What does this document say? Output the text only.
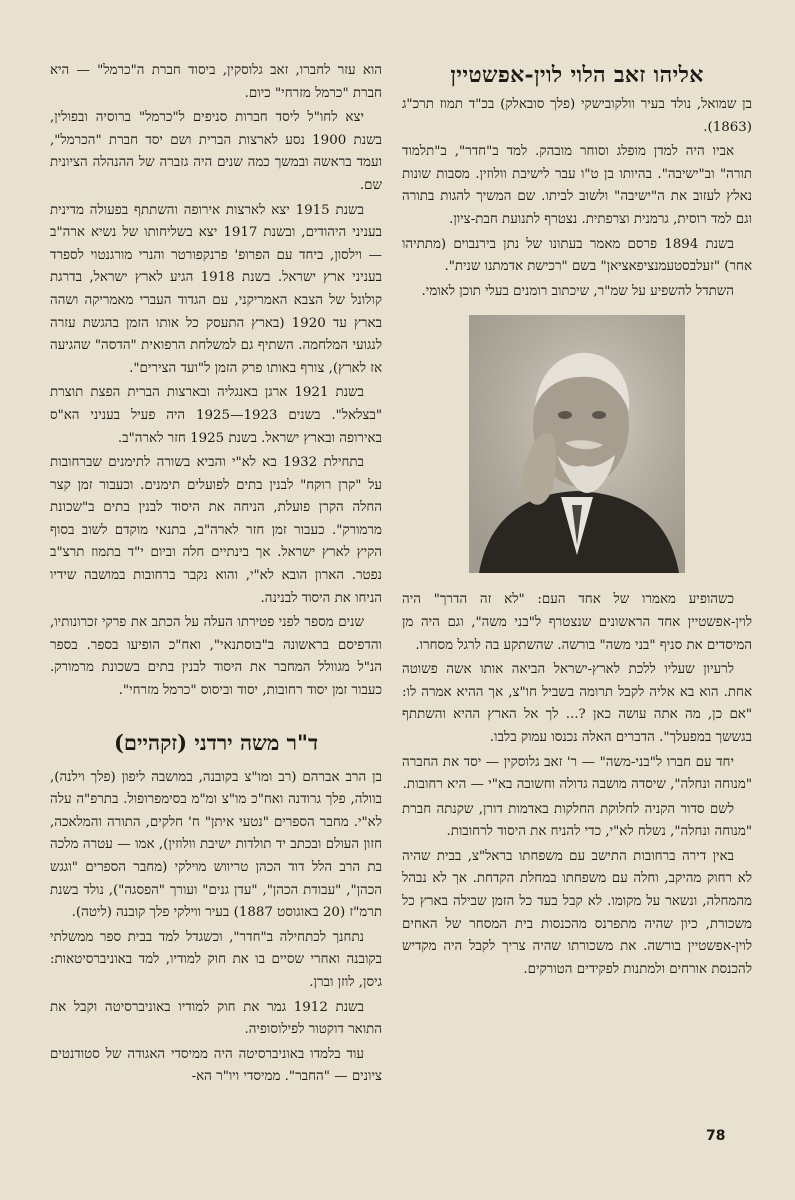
אליהו זאב הלוי לוין-אפשטיין

בן שמואל, נולד בעיר וולקובישקי (פלך סובאלק) בכ"ד תמוז תרכ"ג (1863).

אביו היה למדן מופלג וסוחר מובהק. למד ב"חדר", ב"תלמוד תורה" וב"ישיבה". בהיותו בן ט"ו עבר לישיבת וולוזין. מסבות שונות נאלץ לעזוב את ה"ישיבה" ולשוב לביתו. שם המשיך להגות בתורה וגם למד רוסית, גרמנית וצרפתית. נצטרף לתנועת חבת-ציון.

בשנת 1894 פרסם מאמר בעתונו של נתן בירנבוים (מתתיהו אחר) "זעלבסטעמנציפאציאן" בשם "רכישת אדמתנו שנית".

השתדל להשפיע על שמ"ר, שיכתוב רומנים בעלי תוכן לאומי.

כשהופיע מאמרו של אחד העם: "לא זה הדרך" היה לוין-אפשטיין אחד הראשונים שנצטרף ל"בני משה", וגם היה מן המיסדים את סניף "בני משה" בורשה. שהשתקע בה לרגל מסחרו.

לרעיון שעליו ללכת לארץ-ישראל הביאה אותו אשה פשוטה אחת. הוא בא אליה לקבל תרומה בשביל חו"צ, אך ההיא אמרה לו: "אם כן, מה אתה עושה כאן ?... לך אל הארץ ההיא והשתתף בגששך במפעלך". הדברים האלה נכנסו עמוק בלבו.

יחד עם חברו ל"בני-משה" — ר' זאב גלוסקין — יסד את החברה "מנוחה ונחלה", שיסדה מושבה גדולה וחשובה בא"י — היא רחובות.

לשם סדור הקניה לחלוקת החלקות באדמות דורן, שקנתה חברת "מנוחה ונחלה", נשלח לא"י, כדי להניח את היסוד לרחובות.

באין דירה ברחובות התישב עם משפחתו בראל"צ, בבית שהיה לא רחוק מהיקב, וחלה עם משפחתו במחלת הקדחת. אך לא נבהל מהמחלה, ונשאר על מקומו. לא קבל בעד כל הזמן שבילה בארץ כל משכורת, כיון שהיה מתפרנס מהכנסות בית המסחר של האחים לוין-אפשטיין בורשה. את משכורתו שהיה צריך לקבל היה מקדיש להכנסת אורחים ולמתנות לפקידים הטורקים.

הוא עזר לחברו, זאב גלוסקין, ביסוד חברת ה"כרמל" — היא חברת "כרמל מזרחי" כיום.

יצא לחו"ל ליסד חברות סניפים ל"כרמל" ברוסיה ובפולין, בשנת 1900 נסע לארצות הברית ושם יסד חברת "הכרמל", ועמד בראשה ובמשך כמה שנים היה גזברה של ההנהלה הציונית שם.

בשנת 1915 יצא לארצות אירופה והשתתף בפעולה מדינית בעניני היהודים, ובשנת 1917 יצא בשליחותו של נשיא ארה"ב — וילסון, ביחד עם הפרופ' פרנקפורטר והנרי מורגנטוי לספרד בעניני ארץ ישראל. בשנת 1918 הגיע לארץ ישראל, בדרגת קולונל של הצבא האמריקני, עם הגדוד העברי מאמריקה ושהה בארץ עד 1920 (בארץ התעסק כל אותו הזמן בהגשת עזרה לנגועי המלחמה. השתיף גם למשלחת הרפואית "הדסה" שהגיעה אז לארץ), צורף באותו פרק הזמן ל"ועד הצירים".

בשנת 1921 ארגן באנגליה ובארצות הברית הפצת תוצרת "בצלאל". בשנים 1923—1925 היה פעיל בעניני הא"ס באירופה ובארץ ישראל. בשנת 1925 חזר לארה"ב.

בתחילת 1932 בא לא"י והביא בשורה לתימנים שברחובות על "קרן רוקח" לבנין בתים לפועלים תימנים. וכעבור זמן קצר החלה הקרן פועלת, הניחה את היסוד לבנין בתים ב"שכונת מרמורק". כעבור זמן חזר לארה"ב, בתנאי מוקדם לשוב בסוף הקיץ לארץ ישראל. אך בינתיים חלה וביום י"ד בתמוז תרצ"ב נפטר. הארון הובא לא"י, והוא נקבר ברחובות במושבה שידיו הניחו את היסוד לבנינה.

שנים מספר לפני פטירתו העלה על הכתב את פרקי זכרונותיו, והדפיסם בראשונה ב"בוסתנאי", ואח"כ הופיעו בספר. בספר הנ"ל מגוולל המחבר את היסוד לבנין בתים בשכונת מרמורק. כעבור זמן יסוד רחובות, יסוד וביסוס "כרמל מזרחי".

ד"ר משה ירדני (זקהיים)

בן הרב אברהם (רב ומו"צ בקובנה, במושבה ליפון (פלך וילנה), בוולה, פלך גרודנה ואח"כ מו"צ ומ"מ בסימפרופול. בתרפ"ה עלה לא"י. מחבר הספרים "נטעי איתן" ח' חלקים, התורה והמלאכה, חזון העולם ובכתב יד תולדות ישיבת וולוזין), אמו — עטרה מלכה בת הרב הלל דוד הכהן טריווש מוילקי (מחבר הספרים "וגגש הכהן", "עבודת הכהן", "עדן גנים" ועורך "הפסגה"), נולד בשנת תרמ"ז (20 באוגוסט 1887) בעיר ווילקי פלך קובנה (ליטה).

נתחנך לכתחילה ב"חדר", וכשגדל למד בבית ספר ממשלתי בקובנה ואחרי שסיים בו את חוק למודיו, למד באוניברסיטאות: גיסן, לוזן וברן.

בשנת 1912 גמר את חוק למודיו באוניברסיטה וקבל את התואר דוקטור לפילוסופיה.

עוד בלמדו באוניברסיטה היה ממיסדי האגודה של סטודנטים ציונים — "החבר". ממיסדי ויו"ר הא-

78
